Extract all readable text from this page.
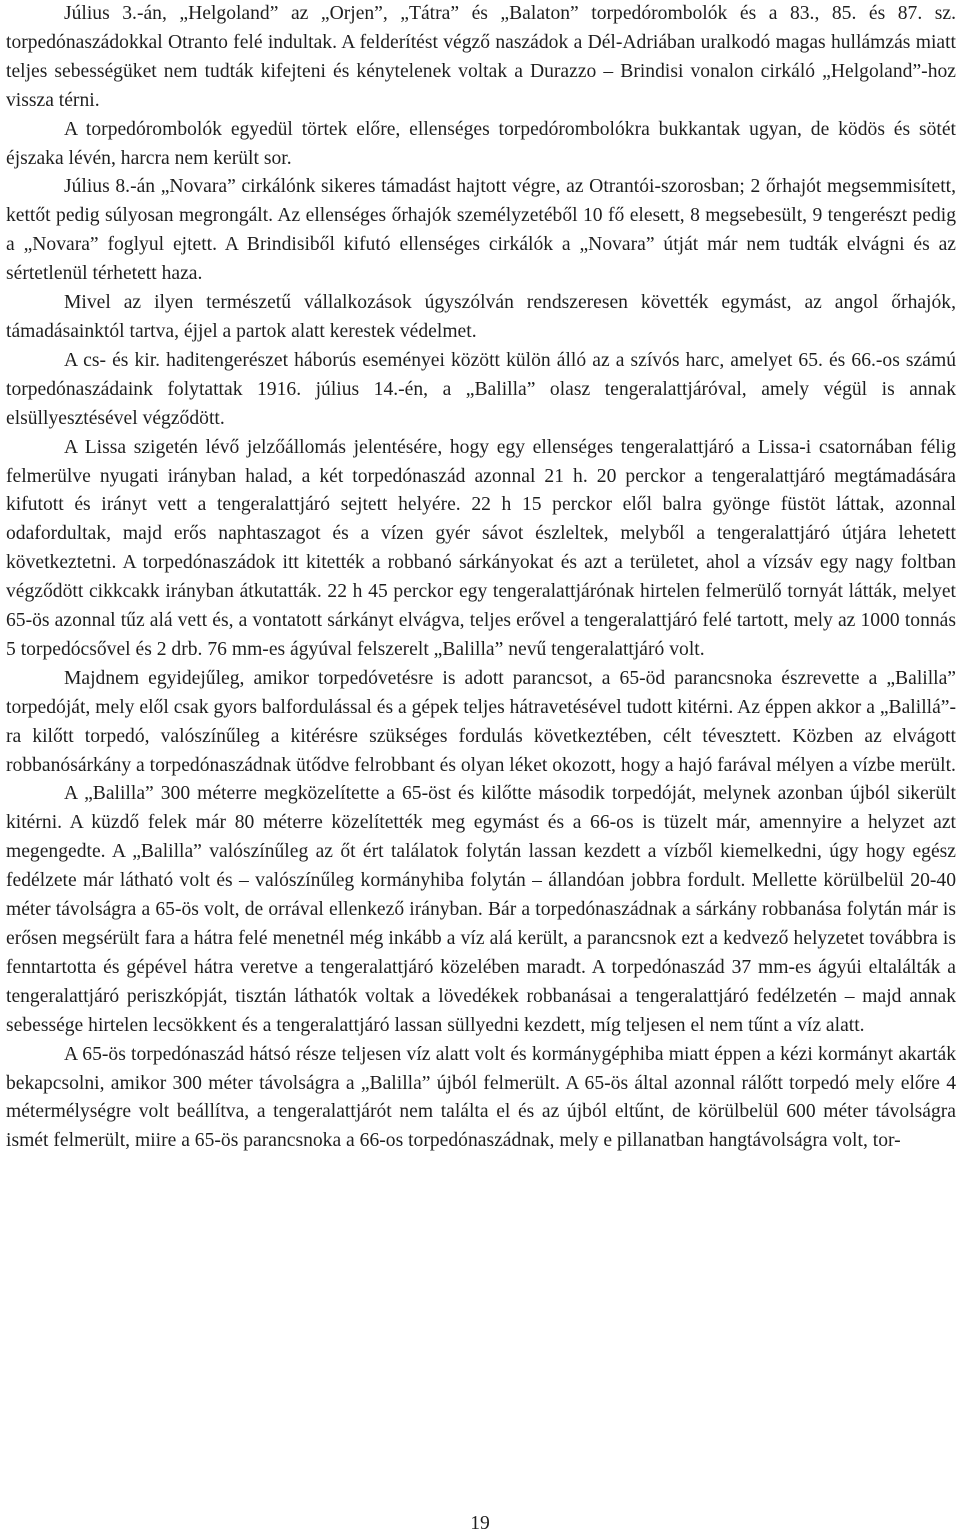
Július 3.-án, „Helgoland” az „Orjen”, „Tátra” és „Balaton” torpedórombolók és a 83., 85. és 87. sz. torpedónaszádokkal Otranto felé indultak. A felderítést végző naszádok a Dél-Adriában uralkodó magas hullámzás miatt teljes sebességüket nem tudták kifejteni és kénytelenek voltak a Durazzo – Brindisi vonalon cirkáló „Helgoland”-hoz vissza térni.

A torpedórombolók egyedül törtek előre, ellenséges torpedórombolókra bukkantak ugyan, de ködös és sötét éjszaka lévén, harcra nem került sor.

Július 8.-án „Novara” cirkálónk sikeres támadást hajtott végre, az Otrantói-szorosban; 2 őrhajót megsemmisített, kettőt pedig súlyosan megrongált. Az ellenséges őrhajók személyzetéből 10 fő elesett, 8 megsebesült, 9 tengerészt pedig a „Novara” foglyul ejtett. A Brindisiből kifutó ellenséges cirkálók a „Novara” útját már nem tudták elvágni és az sértetlenül térhetett haza.

Mivel az ilyen természetű vállalkozások úgyszólván rendszeresen követték egymást, az angol őrhajók, támadásainktól tartva, éjjel a partok alatt kerestek védelmet.

A cs- és kir. haditengerészet háborús eseményei között külön álló az a szívós harc, amelyet 65. és 66.-os számú torpedónaszádaink folytattak 1916. július 14.-én, a „Balilla” olasz tengeralattjáróval, amely végül is annak elsüllyesztésével végződött.

A Lissa szigetén lévő jelzőállomás jelentésére, hogy egy ellenséges tengeralattjáró a Lissa-i csatornában félig felmerülve nyugati irányban halad, a két torpedónaszád azonnal 21 h. 20 perckor a tengeralattjáró megtámadására kifutott és irányt vett a tengeralattjáró sejtett helyére. 22 h 15 perckor elől balra gyönge füstöt láttak, azonnal odafordultak, majd erős naphtaszagot és a vízen gyér sávot észleltek, melyből a tengeralattjáró útjára lehetett következtetni. A torpedónaszádok itt kitették a robbanó sárkányokat és azt a területet, ahol a vízsáv egy nagy foltban végződött cikkcakk irányban átkutatták. 22 h 45 perckor egy tengeralattjárónak hirtelen felmerülő tornyát látták, melyet 65-ös azonnal tűz alá vett és, a vontatott sárkányt elvágva, teljes erővel a tengeralattjáró felé tartott, mely az 1000 tonnás 5 torpedócsővel és 2 drb. 76 mm-es ágyúval felszerelt „Balilla” nevű tengeralattjáró volt.

Majdnem egyidejűleg, amikor torpedóvetésre is adott parancsot, a 65-öd parancsnoka észrevette a „Balilla” torpedóját, mely elől csak gyors balfordulással és a gépek teljes hátravetésével tudott kitérni. Az éppen akkor a „Balillá”-ra kilőtt torpedó, valószínűleg a kitérésre szükséges fordulás következtében, célt tévesztett. Közben az elvágott robbanósárkány a torpedónaszádnak ütődve felrobbant és olyan léket okozott, hogy a hajó farával mélyen a vízbe merült.

A „Balilla” 300 méterre megközelítette a 65-öst és kilőtte második torpedóját, melynek azonban újból sikerült kitérni. A küzdő felek már 80 méterre közelítették meg egymást és a 66-os is tüzelt már, amennyire a helyzet azt megengedte. A „Balilla” valószínűleg az őt ért találatok folytán lassan kezdett a vízből kiemelkedni, úgy hogy egész fedélzete már látható volt és – valószínűleg kormányhiba folytán – állandóan jobbra fordult. Mellette körülbelül 20-40 méter távolságra a 65-ös volt, de orrával ellenkező irányban. Bár a torpedónaszádnak a sárkány robbanása folytán már is erősen megsérült fara a hátra felé menetnél még inkább a víz alá került, a parancsnok ezt a kedvező helyzetet továbbra is fenntartotta és gépével hátra veretve a tengeralattjáró közelében maradt. A torpedónaszád 37 mm-es ágyúi eltalálták a tengeralattjáró periszkópját, tisztán láthatók voltak a lövedékek robbanásai a tengeralattjáró fedélzetén – majd annak sebessége hirtelen lecsökkent és a tengeralattjáró lassan süllyedni kezdett, míg teljesen el nem tűnt a víz alatt.

A 65-ös torpedónaszád hátsó része teljesen víz alatt volt és kormánygéphiba miatt éppen a kézi kormányt akarták bekapcsolni, amikor 300 méter távolságra a „Balilla” újból felmerült. A 65-ös által azonnal rálőtt torpedó mely előre 4 métermélységre volt beállítva, a tengeralattjárót nem találta el és az újból eltűnt, de körülbelül 600 méter távolságra ismét felmerült, miire a 65-ös parancsnoka a 66-os torpedónaszádnak, mely e pillanatban hangtávolságra volt, tor-

19
